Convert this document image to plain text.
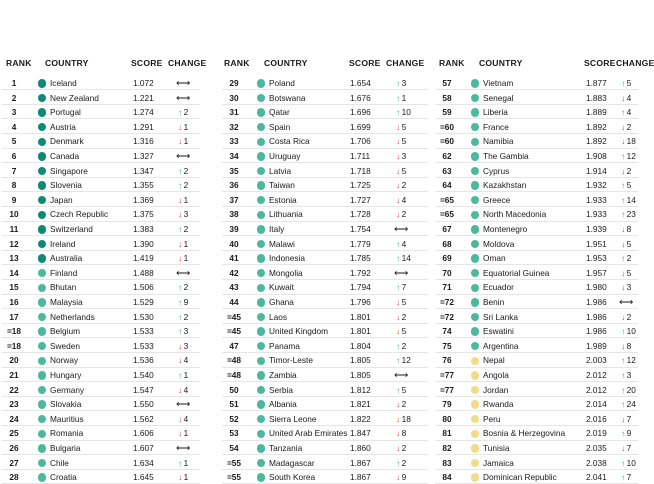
RANK COUNTRY	SCORE CHANGE
1	Iceland	1.072 ⟷
2	New Zealand	1.221 ⟷
3	Portugal	1.274	↑ 2
4	Austria	1.291	↓ 1
5	Denmark	1.316	↓ 1
6	Canada	1.327 ⟷
7	Singapore	1.347	↑ 2
8	Slovenia	1.355	↑ 2
9	Japan	1.369	↓ 1
10	Czech Republic	1.375	↓ 3
11	Switzerland	1.383	↑ 2
12	Ireland	1.390	↓ 1
13	Australia	1.419	↓ 1
14	Finland	1.488 ⟷
15	Bhutan	1.506	↑ 2
16	Malaysia	1.529	↑ 9
17	Netherlands	1.530	↑ 2
=18	Belgium	1.533	↑ 3
=18	Sweden	1.533	↓ 3
20	Norway	1.536	↓ 4
21	Hungary	1.540	↑ 1
22	Germany	1.547	↓ 4
23	Slovakia	1.550 ⟷
24	Mauritius	1.562	↓ 4
25	Romania	1.606	↓ 1
26	Bulgaria	1.607 ⟷
27	Chile	1.634	↑ 1
28	Croatia	1.645	↓ 1
RANK COUNTRY	SCORE CHANGE
29	Poland	1.654	↑ 3
30	Botswana	1.676	↑ 1
31	Qatar	1.696	↑ 10
32	Spain	1.699	↓ 5
33	Costa Rica	1.706	↓ 5
34	Uruguay	1.711	↓ 3
35	Latvia	1.718	↓ 5
36	Taiwan	1.725	↓ 2
37	Estonia	1.727	↓ 4
38	Lithuania	1.728	↓ 2
39	Italy	1.754 ⟷
40	Malawi	1.779	↑ 4
41	Indonesia	1.785	↑ 14
42	Mongolia	1.792 ⟷
43	Kuwait	1.794	↑ 7
44	Ghana	1.796	↓ 5
=45	Laos	1.801	↓ 2
=45	United Kingdom	1.801	↓ 5
47	Panama	1.804	↑ 2
=48	Timor-Leste	1.805	↑ 12
=48	Zambia	1.805 ⟷
50	Serbia	1.812	↑ 5
51	Albania	1.821	↓ 2
52	Sierra Leone	1.822	↓ 18
53	United Arab Emirates 1.847	↓ 8
54	Tanzania	1.860	↓ 2
=55	Madagascar	1.867	↑ 2
=55	South Korea	1.867	↓ 9
RANK COUNTRY	SCORE CHANGE
57	Vietnam	1.877 ↑ 5
58	Senegal	1.883 ↓ 4
59	Liberia	1.889 ↑ 4
=60	France	1.892 ↓ 2
=60	Namibia	1.892 ↓ 18
62	The Gambia	1.908 ↑ 12
63	Cyprus	1.914 ↓ 2
64	Kazakhstan	1.932 ↑ 5
=65	Greece	1.933 ↑ 14
=65	North Macedonia	1.933 ↑ 23
67	Montenegro	1.939 ↓ 8
68	Moldova	1.951 ↓ 5
69	Oman	1.953 ↑ 2
70	Equatorial Guinea	1.957 ↓ 5
71	Ecuador	1.980 ↓ 3
=72	Benin	1.986 ⟷
=72	Sri Lanka	1.986 ↓ 2
74	Eswatini	1.986 ↑ 10
75	Argentina	1.989 ↓ 8
76	Nepal	2.003 ↑ 12
=77	Angola	2.012 ↑ 3
=77	Jordan	2.012 ↑ 20
79	Rwanda	2.014 ↑ 24
80	Peru	2.016 ↓ 7
81	Bosnia & Herzegovina	2.019 ↑ 9
82	Tunisia	2.035 ↓ 7
83	Jamaica	2.038 ↑ 10
84	Dominican Republic	2.041 ↑ 7
